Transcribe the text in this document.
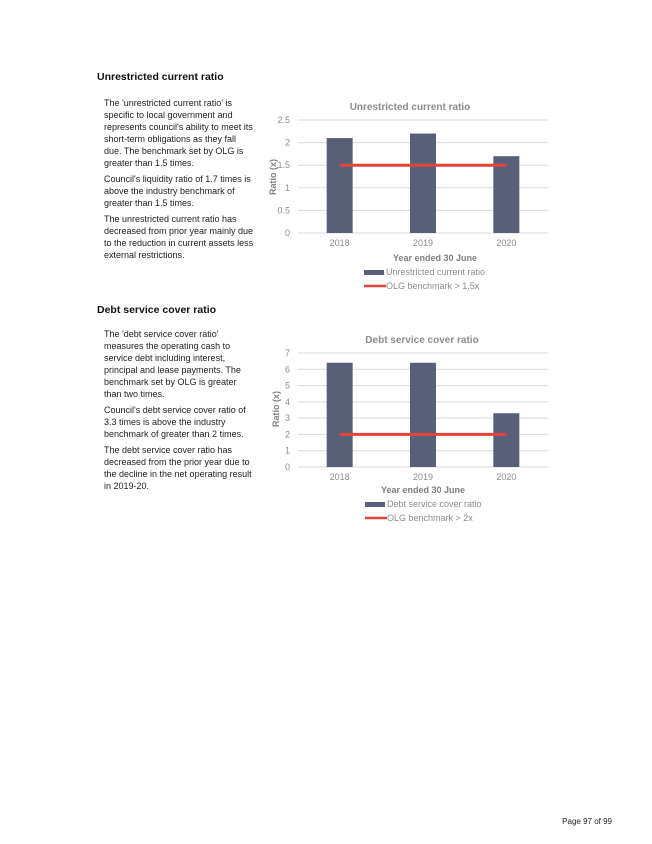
Unrestricted current ratio

The 'unrestricted current ratio' is specific to local government and represents council's ability to meet its short-term obligations as they fall due. The benchmark set by OLG is greater than 1.5 times.

Council's liquidity ratio of 1.7 times is above the industry benchmark of greater than 1.5 times.

The unrestricted current ratio has decreased from prior year mainly due to the reduction in current assets less external restrictions.

Unrestricted current ratio
Ratio (x)
0
0.5
1
1.5
2
2.5
2018	2019	2020
Year ended 30 June
Unrestricted current ratio
OLG benchmark > 1.5x
Debt service cover ratio

The 'debt service cover ratio' measures the operating cash to service debt including interest, principal and lease payments. The benchmark set by OLG is greater than two times.

Council's debt service cover ratio of 3.3 times is above the industry benchmark of greater than 2 times.

The debt service cover ratio has decreased from the prior year due to the decline in the net operating result in 2019-20.

Debt service cover ratio
Ratio (x)
0
1
2
3
4
5
6
7
2018	2019	2020
Year ended 30 June
Debt service cover ratio
OLG benchmark > 2x
Page 97 of 99
